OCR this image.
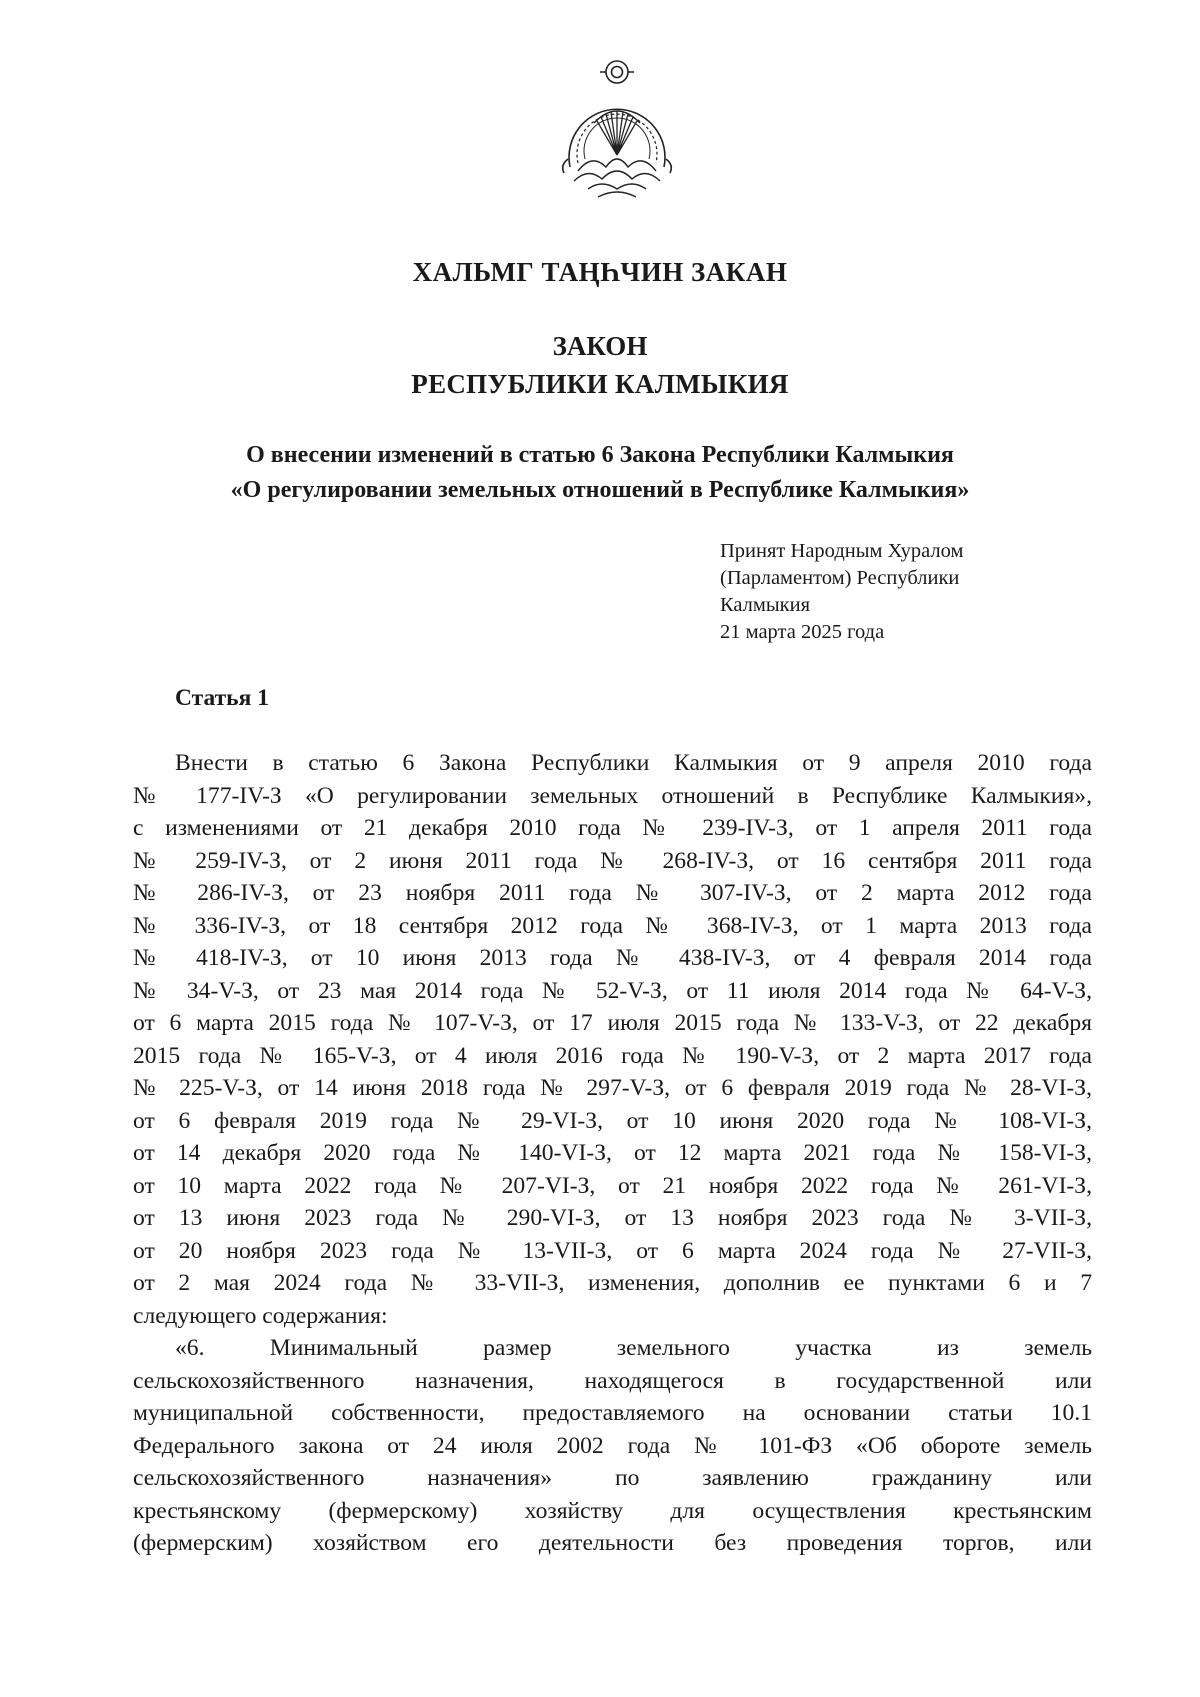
ХАЛЬМГ ТАҢҺЧИН ЗАКАН
ЗАКОН
РЕСПУБЛИКИ КАЛМЫКИЯ
О внесении изменений в статью 6 Закона Республики Калмыкия
«О регулировании земельных отношений в Республике Калмыкия»
Принят Народным Хуралом
(Парламентом) Республики
Калмыкия
21 марта 2025 года
Статья 1
Внести в статью 6 Закона Республики Калмыкия от 9 апреля 2010 года
№ 177-IV-З «О регулировании земельных отношений в Республике Калмыкия»,
с изменениями от 21 декабря 2010 года № 239-IV-З, от 1 апреля 2011 года
№ 259-IV-З, от 2 июня 2011 года № 268-IV-З, от 16 сентября 2011 года
№ 286-IV-З, от 23 ноября 2011 года № 307-IV-З, от 2 марта 2012 года
№ 336-IV-З, от 18 сентября 2012 года № 368-IV-З, от 1 марта 2013 года
№ 418-IV-З, от 10 июня 2013 года № 438-IV-З, от 4 февраля 2014 года
№ 34-V-З, от 23 мая 2014 года № 52-V-З, от 11 июля 2014 года № 64-V-З,
от 6 марта 2015 года № 107-V-З, от 17 июля 2015 года № 133-V-З, от 22 декабря
2015 года № 165-V-З, от 4 июля 2016 года № 190-V-З, от 2 марта 2017 года
№ 225-V-З, от 14 июня 2018 года № 297-V-З, от 6 февраля 2019 года № 28-VI-З,
от 6 февраля 2019 года № 29-VI-З, от 10 июня 2020 года № 108-VI-З,
от 14 декабря 2020 года № 140-VI-З, от 12 марта 2021 года № 158-VI-З,
от 10 марта 2022 года № 207-VI-З, от 21 ноября 2022 года № 261-VI-З,
от 13 июня 2023 года № 290-VI-З, от 13 ноября 2023 года № 3-VII-З,
от 20 ноября 2023 года № 13-VII-З, от 6 марта 2024 года № 27-VII-З,
от 2 мая 2024 года № 33-VII-З, изменения, дополнив ее пунктами 6 и 7
следующего содержания:
«6. Минимальный размер земельного участка из земель
сельскохозяйственного назначения, находящегося в государственной или
муниципальной собственности, предоставляемого на основании статьи 10.1
Федерального закона от 24 июля 2002 года № 101-ФЗ «Об обороте земель
сельскохозяйственного назначения» по заявлению гражданину или
крестьянскому (фермерскому) хозяйству для осуществления крестьянским
(фермерским) хозяйством его деятельности без проведения торгов, или
